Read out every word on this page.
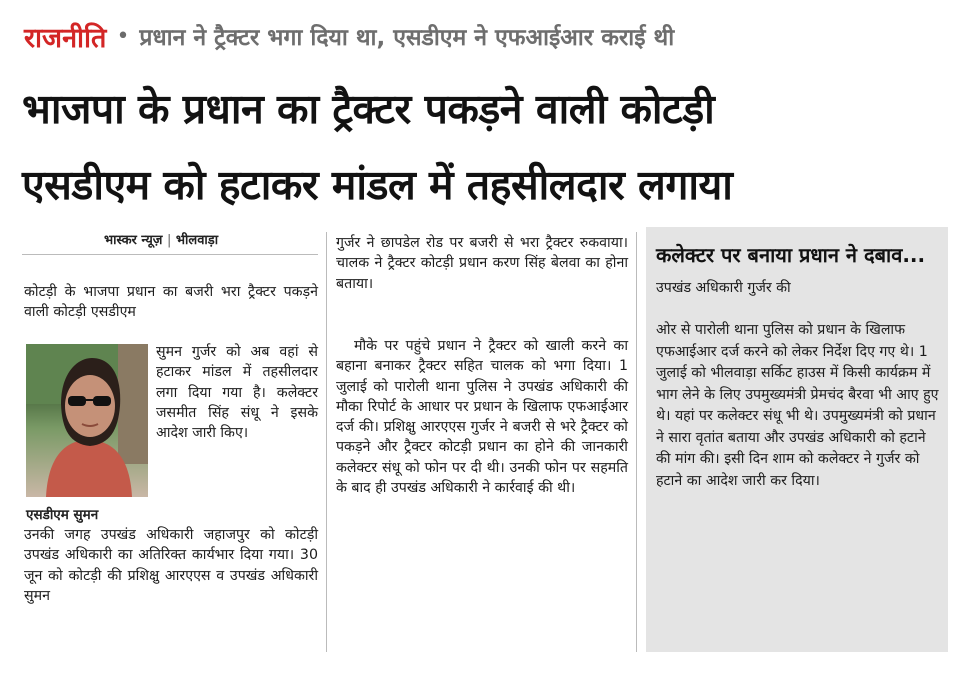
राजनीति • प्रधान ने ट्रैक्टर भगा दिया था, एसडीएम ने एफआईआर कराई थी
भाजपा के प्रधान का ट्रैक्टर पकड़ने वाली कोटड़ी
एसडीएम को हटाकर मांडल में तहसीलदार लगाया
भास्कर न्यूज़ | भीलवाड़ा
कोटड़ी के भाजपा प्रधान का बजरी भरा ट्रैक्टर पकड़ने वाली कोटड़ी एसडीएम
सुमन गुर्जर को अब वहां से हटाकर मांडल में तहसीलदार लगा दिया गया है। कलेक्टर जसमीत सिंह संधू ने इसके आदेश जारी किए।
एसडीएम सुमन
उनकी जगह उपखंड अधिकारी जहाजपुर को कोटड़ी उपखंड अधिकारी का अतिरिक्त कार्यभार दिया गया। 30 जून को कोटड़ी की प्रशिक्षु आरएएस व उपखंड अधिकारी सुमन
गुर्जर ने छापडेल रोड पर बजरी से भरा ट्रैक्टर रुकवाया। चालक ने ट्रैक्टर कोटड़ी प्रधान करण सिंह बेलवा का होना बताया।
मौके पर पहुंचे प्रधान ने ट्रैक्टर को खाली करने का बहाना बनाकर ट्रैक्टर सहित चालक को भगा दिया। 1 जुलाई को पारोली थाना पुलिस ने उपखंड अधिकारी की मौका रिपोर्ट के आधार पर प्रधान के खिलाफ एफआईआर दर्ज की। प्रशिक्षु आरएएस गुर्जर ने बजरी से भरे ट्रैक्टर को पकड़ने और ट्रैक्टर कोटड़ी प्रधान का होने की जानकारी कलेक्टर संधू को फोन पर दी थी। उनकी फोन पर सहमति के बाद ही उपखंड अधिकारी ने कार्रवाई की थी।
कलेक्टर पर बनाया प्रधान ने दबाव... उपखंड अधिकारी गुर्जर की
ओर से पारोली थाना पुलिस को प्रधान के खिलाफ एफआईआर दर्ज करने को लेकर निर्देश दिए गए थे। 1 जुलाई को भीलवाड़ा सर्किट हाउस में किसी कार्यक्रम में भाग लेने के लिए उपमुख्यमंत्री प्रेमचंद बैरवा भी आए हुए थे। यहां पर कलेक्टर संधू भी थे। उपमुख्यमंत्री को प्रधान ने सारा वृतांत बताया और उपखंड अधिकारी को हटाने की मांग की। इसी दिन शाम को कलेक्टर ने गुर्जर को हटाने का आदेश जारी कर दिया।
